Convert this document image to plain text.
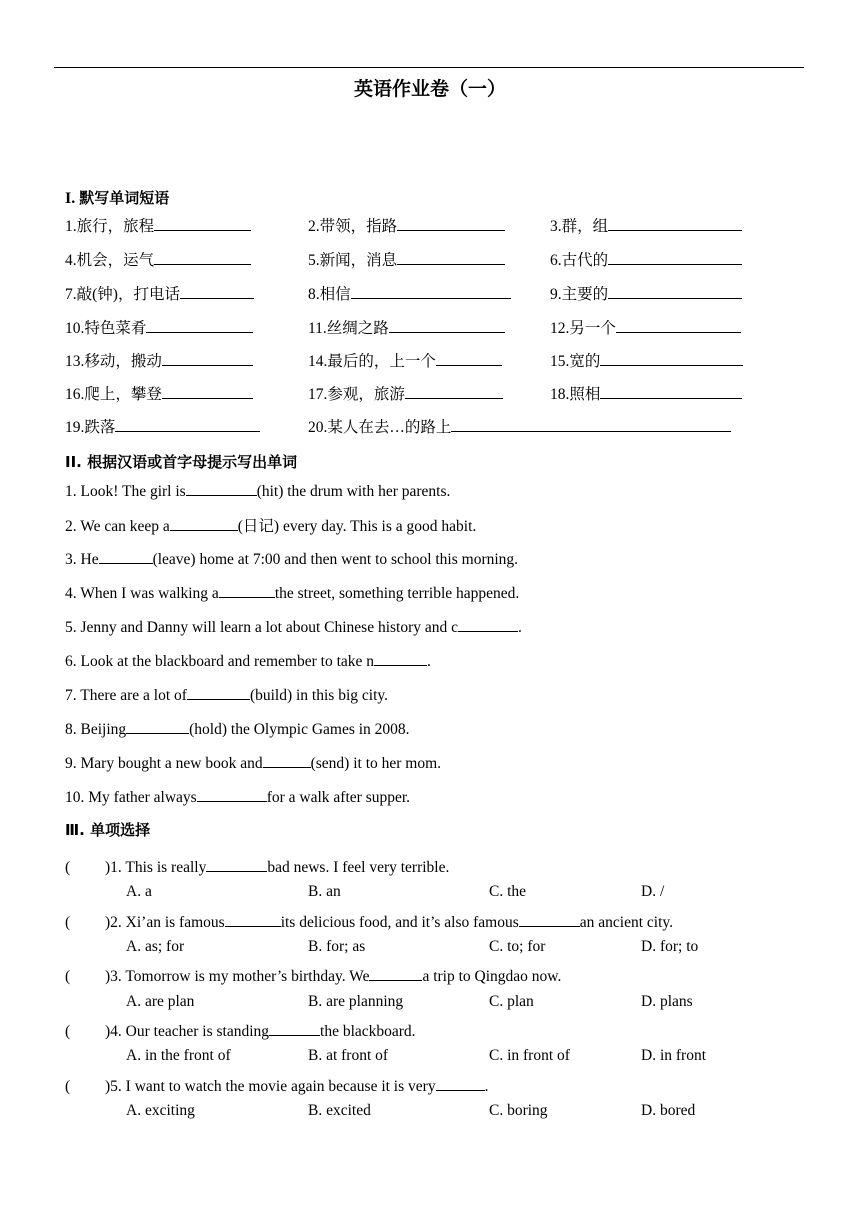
英语作业卷（一）
I. 默写单词短语
1.旅行，旅程	2.带领，指路	3.群，组
4.机会，运气	5.新闻，消息	6.古代的
7.敲(钟)，打电话	8.相信	9.主要的
10.特色菜肴	11.丝绸之路	12.另一个
13.移动，搬动	14.最后的，上一个	15.宽的
16.爬上，攀登	17.参观，旅游	18.照相
19.跌落	20.某人在去…的路上
II. 根据汉语或首字母提示写出单词
1. Look! The girl is	(hit) the drum with her parents.
2. We can keep a	(日记) every day. This is a good habit.
3. He	(leave) home at 7:00 and then went to school this morning.
4. When I was walking a	the street, something terrible happened.
5. Jenny and Danny will learn a lot about Chinese history and c	.
6. Look at the blackboard and remember to take n	.
7. There are a lot of	(build) in this big city.
8. Beijing	(hold) the Olympic Games in 2008.
9. Mary bought a new book and	(send) it to her mom.
10. My father always	for a walk after supper.
Ⅲ. 单项选择
( )1. This is really	bad news. I feel very terrible.
A. a	B. an	C. the	D. /
( )2. Xi’an is famous	its delicious food, and it’s also famous	an ancient city.
A. as; for	B. for; as	C. to; for	D. for; to
( )3. Tomorrow is my mother’s birthday. We	a trip to Qingdao now.
A. are plan	B. are planning	C. plan	D. plans
( )4. Our teacher is standing	the blackboard.
A. in the front of	B. at front of	C. in front of	D. in front
( )5. I want to watch the movie again because it is very	.
A. exciting	B. excited	C. boring	D. bored
